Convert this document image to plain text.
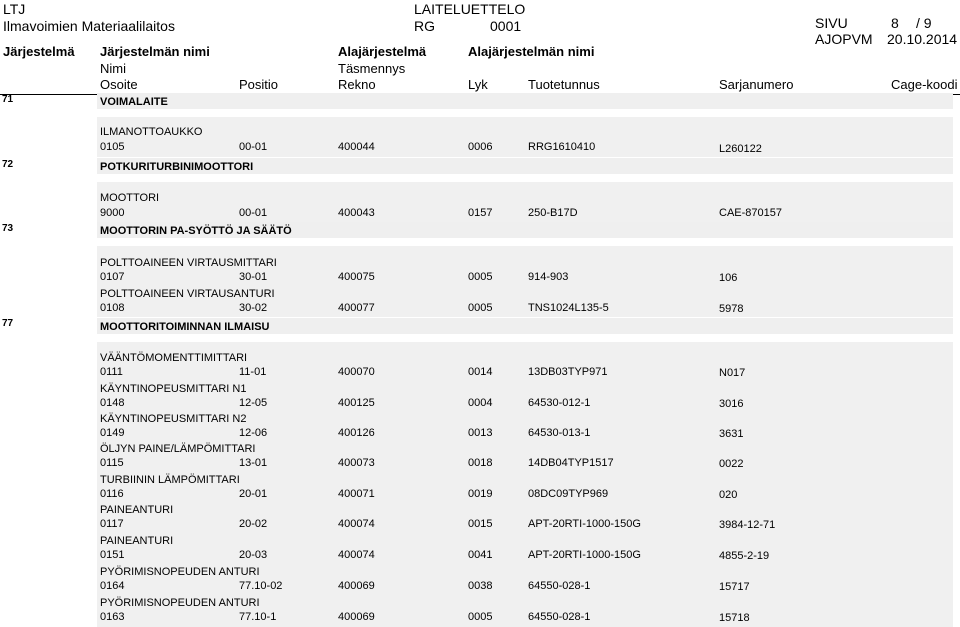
LTJ
Ilmavoimien Materiaalilaitos
LAITELUETTELO
RG	0001	SIVU	8 / 9
AJOPVM 20.10.2014
Järjestelmä Järjestelmän nimi	Alajärjestelmä	Alajärjestelmän nimi
Nimi	Täsmennys
Osoite	Positio	Rekno	Lyk	Tuotetunnus	Sarjanumero	Cage-koodi
71	VOIMALAITE
ILMANOTTOAUKKO
0105	00-01	400044	0006	RRG1610410	L260122
72	POTKURITURBINIMOOTTORI
MOOTTORI
9000	00-01	400043	0157	250-B17D	CAE-870157
73	MOOTTORIN PA-SYÖTTÖ JA SÄÄTÖ
POLTTOAINEEN VIRTAUSMITTARI
0107	30-01	400075	0005	914-903	106
POLTTOAINEEN VIRTAUSANTURI
0108	30-02	400077	0005	TNS1024L135-5	5978
77	MOOTTORITOIMINNAN ILMAISU
VÄÄNTÖMOMENTTIMITTARI
0111	11-01	400070	0014	13DB03TYP971	N017
KÄYNTINOPEUSMITTARI N1
0148	12-05	400125	0004	64530-012-1	3016
KÄYNTINOPEUSMITTARI N2
0149	12-06	400126	0013	64530-013-1	3631
ÖLJYN PAINE/LÄMPÖMITTARI
0115	13-01	400073	0018	14DB04TYP1517	0022
TURBIININ LÄMPÖMITTARI
0116	20-01	400071	0019	08DC09TYP969	020
PAINEANTURI
0117	20-02	400074	0015	APT-20RTI-1000-150G	3984-12-71
PAINEANTURI
0151	20-03	400074	0041	APT-20RTI-1000-150G	4855-2-19
PYÖRIMISNOPEUDEN ANTURI
0164	77.10-02	400069	0038	64550-028-1	15717
PYÖRIMISNOPEUDEN ANTURI
0163	77.10-1	400069	0005	64550-028-1	15718
